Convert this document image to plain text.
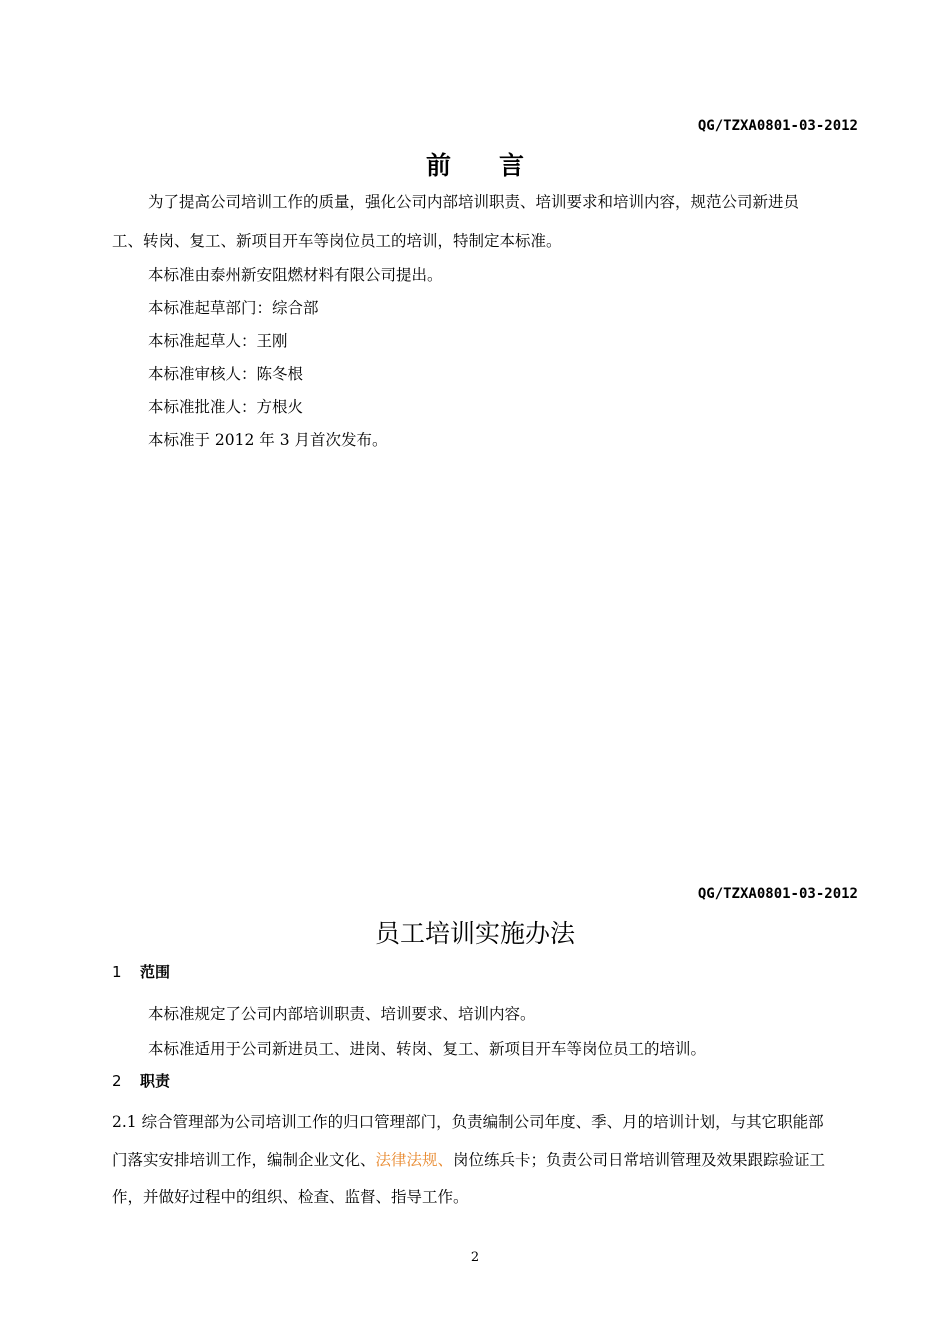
QG/TZXA0801-03-2012
前 言
为了提高公司培训工作的质量，强化公司内部培训职责、培训要求和培训内容，规范公司新进员
工、转岗、复工、新项目开车等岗位员工的培训，特制定本标准。
本标准由泰州新安阻燃材料有限公司提出。
本标准起草部门：综合部
本标准起草人：王刚
本标准审核人：陈冬根
本标准批准人：方根火
本标准于 2012 年 3 月首次发布。
QG/TZXA0801-03-2012
员工培训实施办法
1 范围
本标准规定了公司内部培训职责、培训要求、培训内容。
本标准适用于公司新进员工、进岗、转岗、复工、新项目开车等岗位员工的培训。
2 职责
2.1 综合管理部为公司培训工作的归口管理部门，负责编制公司年度、季、月的培训计划，与其它职能部
门落实安排培训工作，编制企业文化、法律法规、岗位练兵卡；负责公司日常培训管理及效果跟踪验证工
作，并做好过程中的组织、检查、监督、指导工作。
2
